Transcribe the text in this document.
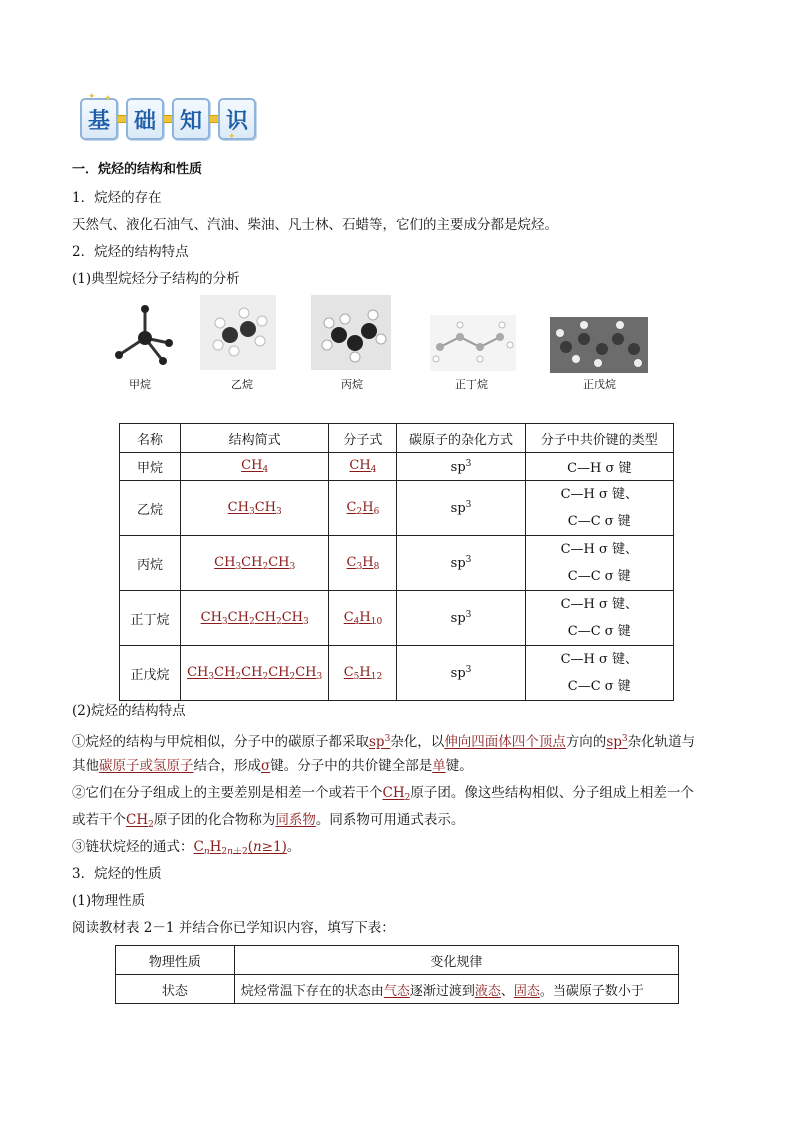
✦ ✦
✦
基	础	知	识
一．烷烃的结构和性质
1．烷烃的存在
天然气、液化石油气、汽油、柴油、凡士林、石蜡等，它们的主要成分都是烷烃。
2．烷烃的结构特点
(1)典型烷烃分子结构的分析
甲烷	乙烷	丙烷	正丁烷	正戊烷
名称	结构简式	分子式	碳原子的杂化方式	分子中共价键的类型
甲烷	$CH_4$	$CH_4$	$sp^3$	C—H σ 键
乙烷	$CH_3CH_3$	$C_2H_6$	$sp^3$	C—H σ 键、
C—C σ 键

丙烷	$CH_3CH_2CH_3$	$C_3H_8$	$sp^3$	C—H σ 键、
C—C σ 键

正丁烷	$CH_3CH_2CH_2CH_3$	$C_4H_{10}$	$sp^3$	C—H σ 键、
C—C σ 键

正戊烷	$CH_3CH_2CH_2CH_2CH_3$	$C_5H_{12}$	$sp^3$	C—H σ 键、
C—C σ 键
(2)烷烃的结构特点
①烷烃的结构与甲烷相似，分子中的碳原子都采取$sp^3$杂化，以伸向四面体四个顶点方向的$sp^3$杂化轨道与
其他碳原子或氢原子结合，形成σ键。分子中的共价键全部是单键。
②它们在分子组成上的主要差别是相差一个或若干个$CH_2$原子团。像这些结构相似、分子组成上相差一个
或若干个$CH_2$原子团的化合物称为同系物。同系物可用通式表示。
③链状烷烃的通式：$C_nH_{2n+2}(n\ge 1)$。
3．烷烃的性质
(1)物理性质
阅读教材表 2－1 并结合你已学知识内容，填写下表：
物理性质	变化规律
状态	烷烃常温下存在的状态由气态逐渐过渡到液态、固态。当碳原子数小于
